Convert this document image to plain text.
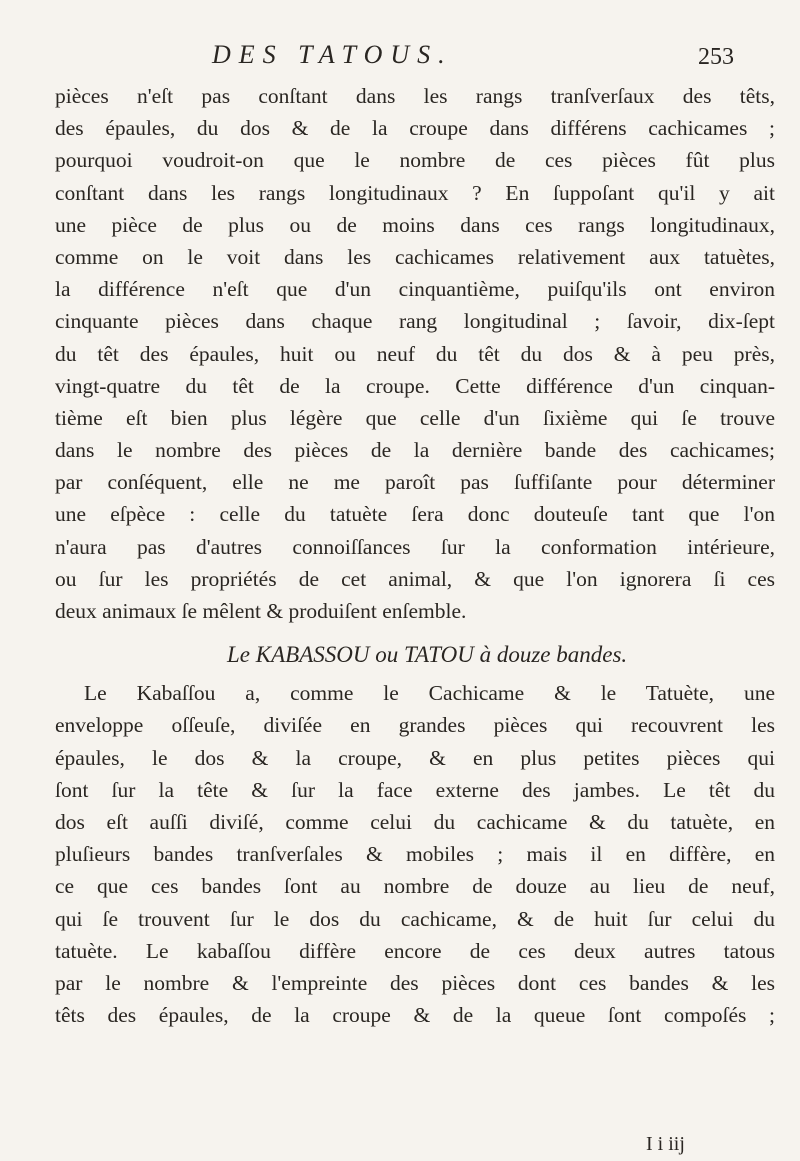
DES TATOUS.	253
pièces n'eſt pas conſtant dans les rangs tranſverſaux des têts,
des épaules, du dos & de la croupe dans différens cachicames ;
pourquoi voudroit-on que le nombre de ces pièces fût plus
conſtant dans les rangs longitudinaux ? En ſuppoſant qu'il y ait
une pièce de plus ou de moins dans ces rangs longitudinaux,
comme on le voit dans les cachicames relativement aux tatuètes,
la différence n'eſt que d'un cinquantième, puiſqu'ils ont environ
cinquante pièces dans chaque rang longitudinal ; ſavoir, dix-ſept
du têt des épaules, huit ou neuf du têt du dos & à peu près,
vingt-quatre du têt de la croupe. Cette différence d'un cinquan-
tième eſt bien plus légère que celle d'un ſixième qui ſe trouve
dans le nombre des pièces de la dernière bande des cachicames;
par conſéquent, elle ne me paroît pas ſuffiſante pour déterminer
une eſpèce : celle du tatuète ſera donc douteuſe tant que l'on
n'aura pas d'autres connoiſſances ſur la conformation intérieure,
ou ſur les propriétés de cet animal, & que l'on ignorera ſi ces
deux animaux ſe mêlent & produiſent enſemble.
Le KABASSOU ou TATOU à douze bandes.
Le Kabaſſou a, comme le Cachicame & le Tatuète, une
enveloppe oſſeuſe, diviſée en grandes pièces qui recouvrent les
épaules, le dos & la croupe, & en plus petites pièces qui
ſont ſur la tête & ſur la face externe des jambes. Le têt du
dos eſt auſſi diviſé, comme celui du cachicame & du tatuète, en
pluſieurs bandes tranſverſales & mobiles ; mais il en diffère, en
ce que ces bandes ſont au nombre de douze au lieu de neuf,
qui ſe trouvent ſur le dos du cachicame, & de huit ſur celui du
tatuète. Le kabaſſou diffère encore de ces deux autres tatous
par le nombre & l'empreinte des pièces dont ces bandes & les
têts des épaules, de la croupe & de la queue ſont compoſés ;
I i iij
